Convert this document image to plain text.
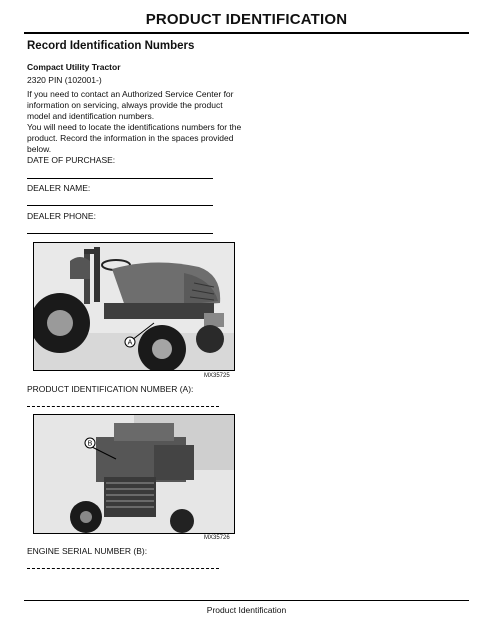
PRODUCT IDENTIFICATION
Record Identification Numbers
Compact Utility Tractor
2320 PIN (102001-)
If you need to contact an Authorized Service Center for information on servicing, always provide the product model and identification numbers.
You will need to locate the identifications numbers for the product. Record the information in the spaces provided below.
DATE OF PURCHASE:
DEALER NAME:
DEALER PHONE:
A
MX35725
PRODUCT IDENTIFICATION NUMBER (A):
B
MX35726
ENGINE SERIAL NUMBER (B):
Product Identification
